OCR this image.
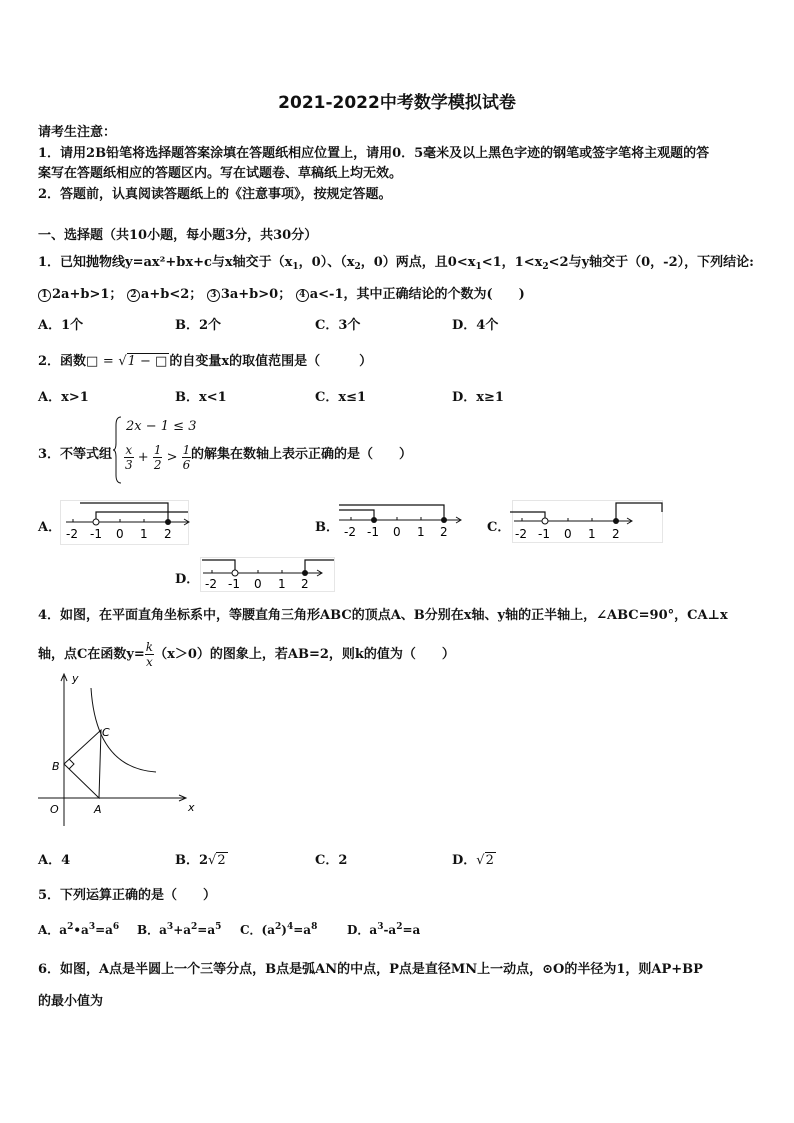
2021-2022中考数学模拟试卷
请考生注意：
1．请用2B铅笔将选择题答案涂填在答题纸相应位置上，请用0．5毫米及以上黑色字迹的钢笔或签字笔将主观题的答
案写在答题纸相应的答题区内。写在试题卷、草稿纸上均无效。
2．答题前，认真阅读答题纸上的《注意事项》，按规定答题。
一、选择题（共10小题，每小题3分，共30分）
1．已知抛物线y=ax²+bx+c与x轴交于（$x_1$，0）、（$x_2$，0）两点，且$0<x_1<1$，$1<x_2<2$与y轴交于（0，-2），下列结论:
1 2a+b>1； 2 a+b<2； 3 3a+b>0； 4 a<-1，其中正确结论的个数为(　　)
A．1个	B．2个	C．3个	D．4个
2．函数□ = √1 − □ 的自变量x的取值范围是（　　　）
A．x>1	B．x<1	C．x≤1	D．x≥1
3．不等式组
2x − 1 ≤ 3
$\frac{x}{3} + \frac{1}{2} > \frac{1}{6}$ 的解集在数轴上表示正确的是（　　）
A．	B．	C．
D．
-2 -1 0 1 2	-2 -1 0 1 2	-2 -1 0 1 2
-2 -1 0 1 2
4．如图，在平面直角坐标系中，等腰直角三角形ABC的顶点A、B分别在x轴、y轴的正半轴上，∠ABC=90°，CA⊥x
轴，点C在函数$y= \frac{k}{x} (x>0)$的图象上，若AB=2，则k的值为（　　）
y
x
O	A
B
C
A．4	B．2√2	C．2	D．√2
5．下列运算正确的是（　　）
A．$a^2•a^3=a^6$ B．$a^3+a^2=a^5$ C．$(a^2)^4=a^8$ D．$a^3-a^2=a$
6．如图，A点是半圆上一个三等分点，B点是弧AN的中点，P点是直径MN上一动点，⊙O的半径为1，则AP+BP
的最小值为
